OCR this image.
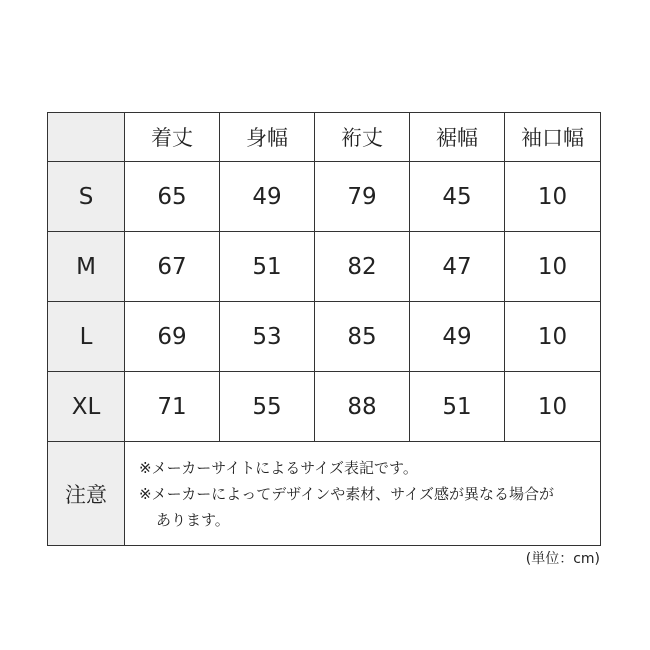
	着丈	身幅	裄丈	裾幅	袖口幅
S	65	49	79	45	10
M	67	51	82	47	10
L	69	53	85	49	10
XL	71	55	88	51	10
注意	※メーカーサイトによるサイズ表記です。
※メーカーによってデザインや素材、サイズ感が異なる場合が
あります。				
(単位：cm)
